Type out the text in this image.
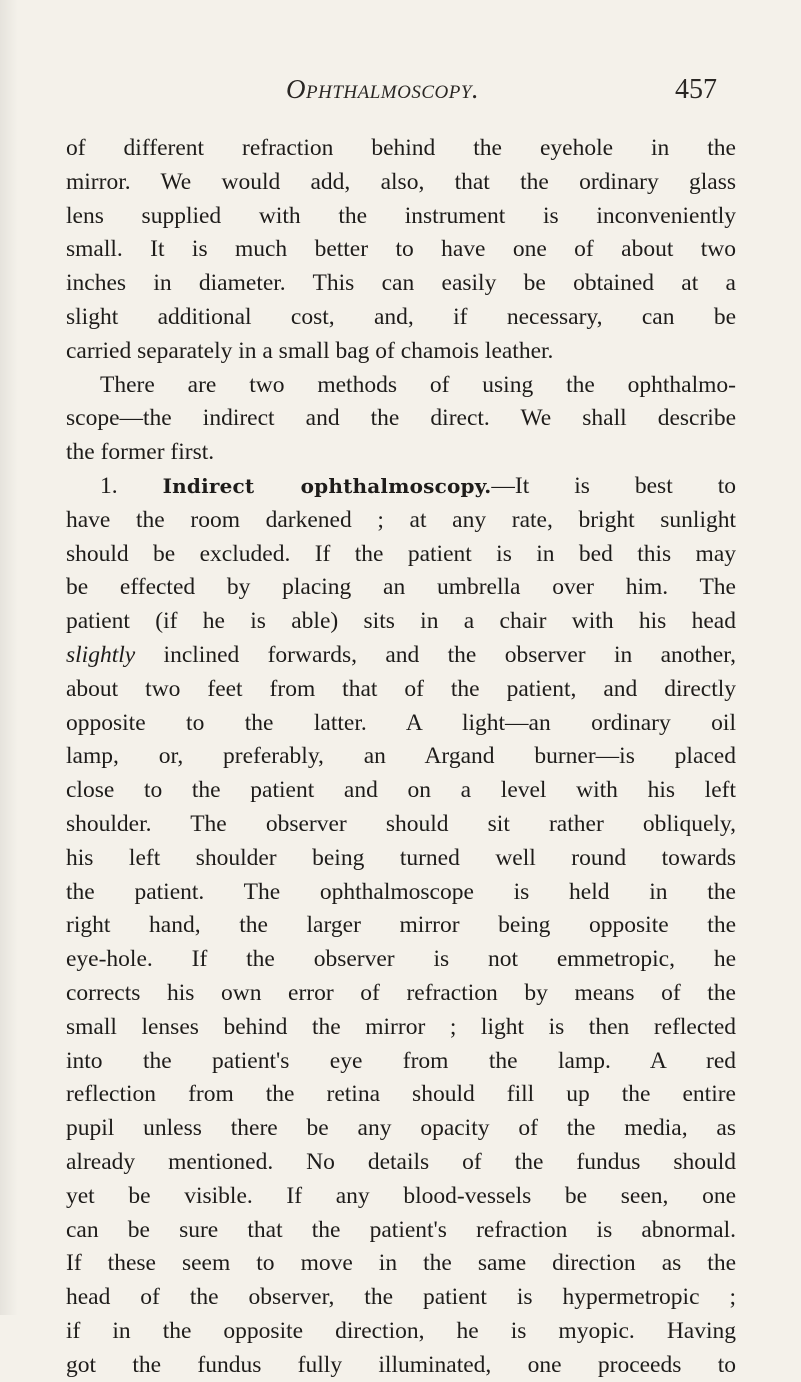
Ophthalmoscopy.	457
of different refraction behind the eyehole in the
mirror. We would add, also, that the ordinary glass
lens supplied with the instrument is inconveniently
small. It is much better to have one of about two
inches in diameter. This can easily be obtained at a
slight additional cost, and, if necessary, can be
carried separately in a small bag of chamois leather.
There are two methods of using the ophthalmo-
scope—the indirect and the direct. We shall describe
the former first.
1. Indirect ophthalmoscopy.—It is best to
have the room darkened ; at any rate, bright sunlight
should be excluded. If the patient is in bed this may
be effected by placing an umbrella over him. The
patient (if he is able) sits in a chair with his head
slightly inclined forwards, and the observer in another,
about two feet from that of the patient, and directly
opposite to the latter. A light—an ordinary oil
lamp, or, preferably, an Argand burner—is placed
close to the patient and on a level with his left
shoulder. The observer should sit rather obliquely,
his left shoulder being turned well round towards
the patient. The ophthalmoscope is held in the
right hand, the larger mirror being opposite the
eye-hole. If the observer is not emmetropic, he
corrects his own error of refraction by means of the
small lenses behind the mirror ; light is then reflected
into the patient's eye from the lamp. A red
reflection from the retina should fill up the entire
pupil unless there be any opacity of the media, as
already mentioned. No details of the fundus should
yet be visible. If any blood-vessels be seen, one
can be sure that the patient's refraction is abnormal.
If these seem to move in the same direction as the
head of the observer, the patient is hypermetropic ;
if in the opposite direction, he is myopic. Having
got the fundus fully illuminated, one proceeds to
